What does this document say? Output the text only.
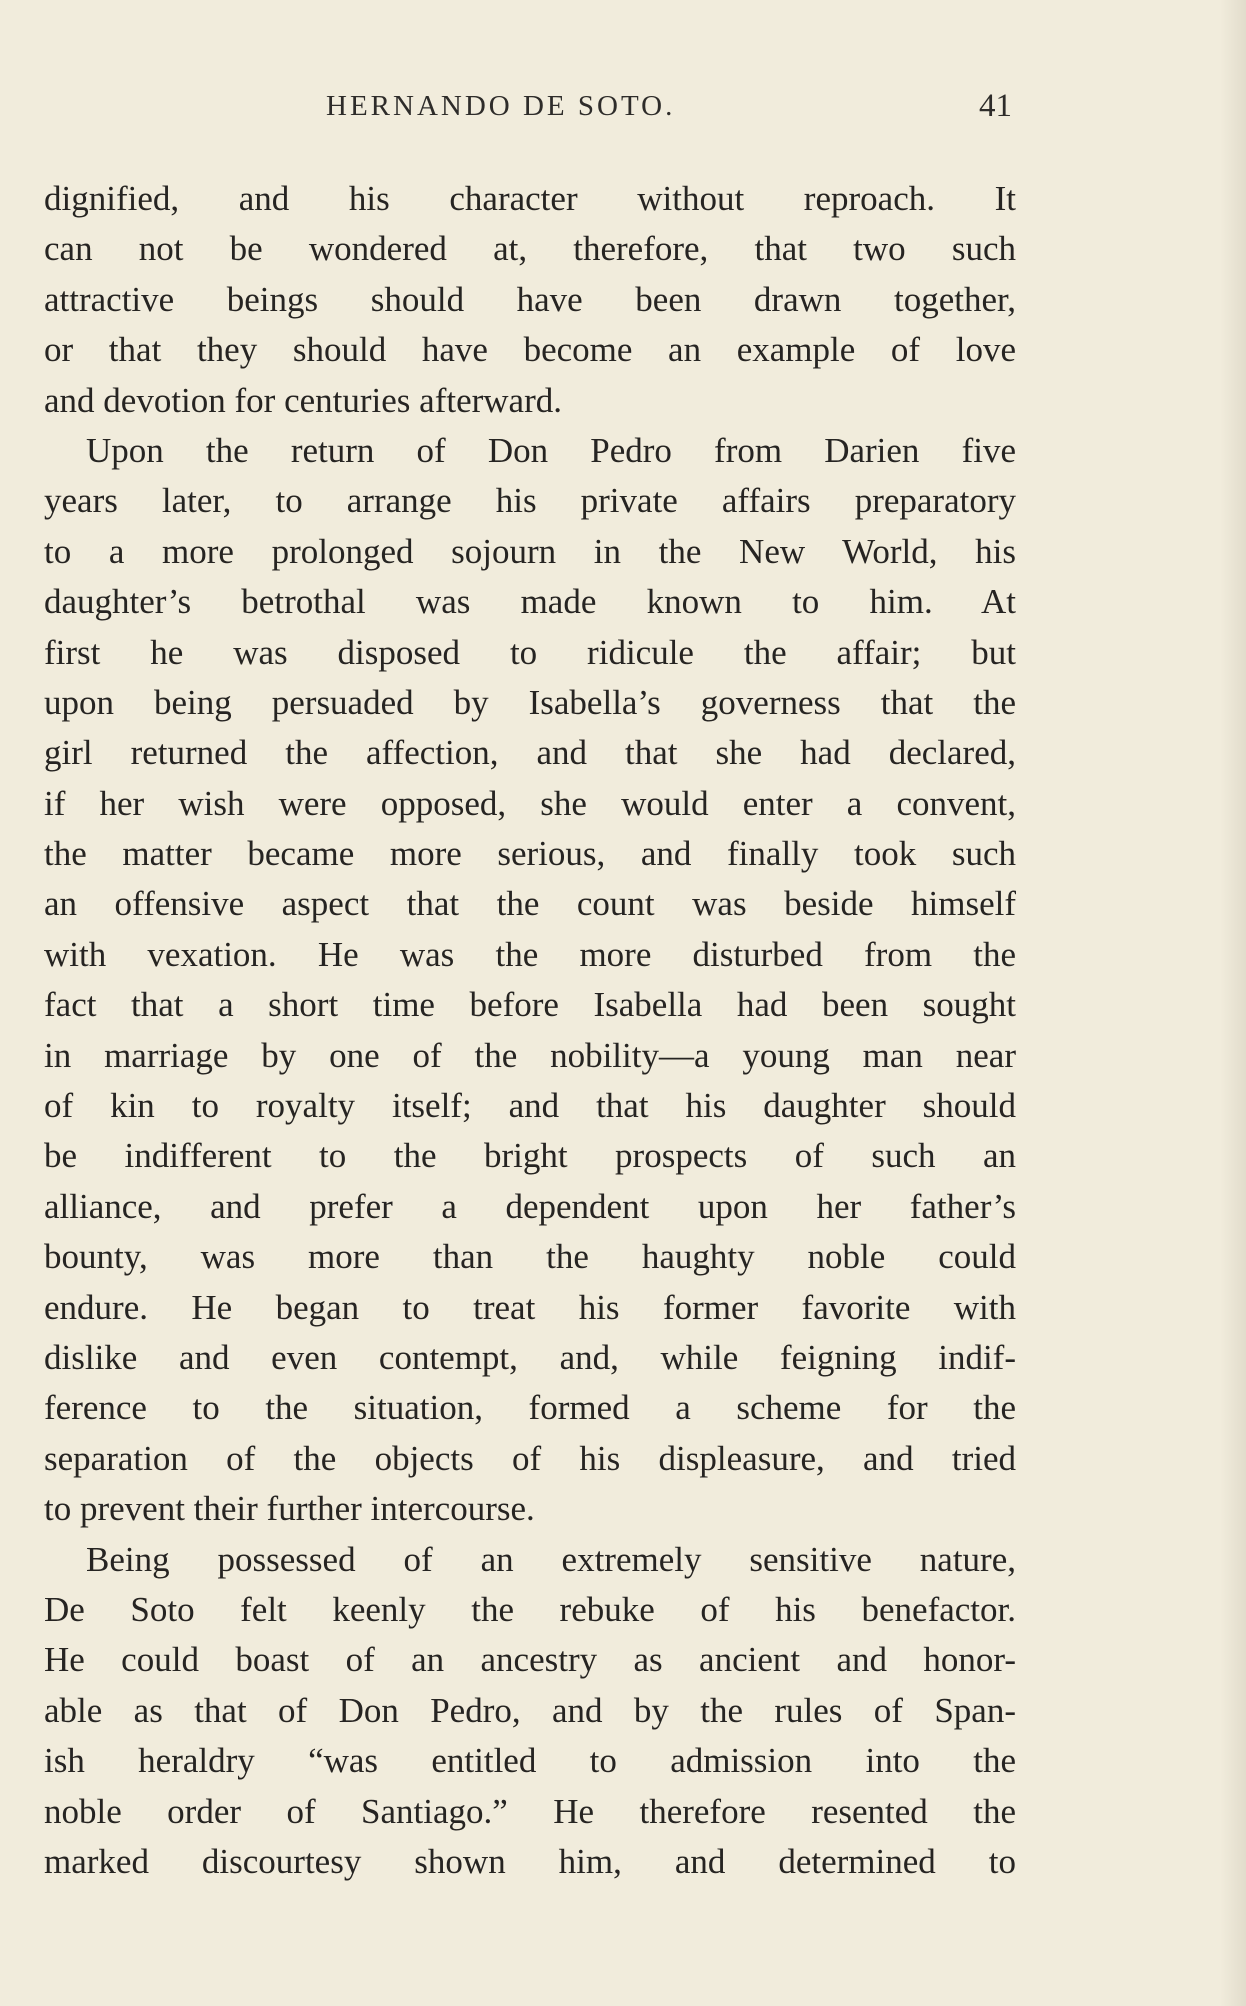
HERNANDO DE SOTO.	41
dignified, and his character without reproach. It
can not be wondered at, therefore, that two such
attractive beings should have been drawn together,
or that they should have become an example of love
and devotion for centuries afterward.
Upon the return of Don Pedro from Darien five
years later, to arrange his private affairs preparatory
to a more prolonged sojourn in the New World, his
daughter’s betrothal was made known to him. At
first he was disposed to ridicule the affair; but
upon being persuaded by Isabella’s governess that the
girl returned the affection, and that she had declared,
if her wish were opposed, she would enter a convent,
the matter became more serious, and finally took such
an offensive aspect that the count was beside himself
with vexation. He was the more disturbed from the
fact that a short time before Isabella had been sought
in marriage by one of the nobility—a young man near
of kin to royalty itself; and that his daughter should
be indifferent to the bright prospects of such an
alliance, and prefer a dependent upon her father’s
bounty, was more than the haughty noble could
endure. He began to treat his former favorite with
dislike and even contempt, and, while feigning indif-
ference to the situation, formed a scheme for the
separation of the objects of his displeasure, and tried
to prevent their further intercourse.
Being possessed of an extremely sensitive nature,
De Soto felt keenly the rebuke of his benefactor.
He could boast of an ancestry as ancient and honor-
able as that of Don Pedro, and by the rules of Span-
ish heraldry “was entitled to admission into the
noble order of Santiago.” He therefore resented the
marked discourtesy shown him, and determined to
